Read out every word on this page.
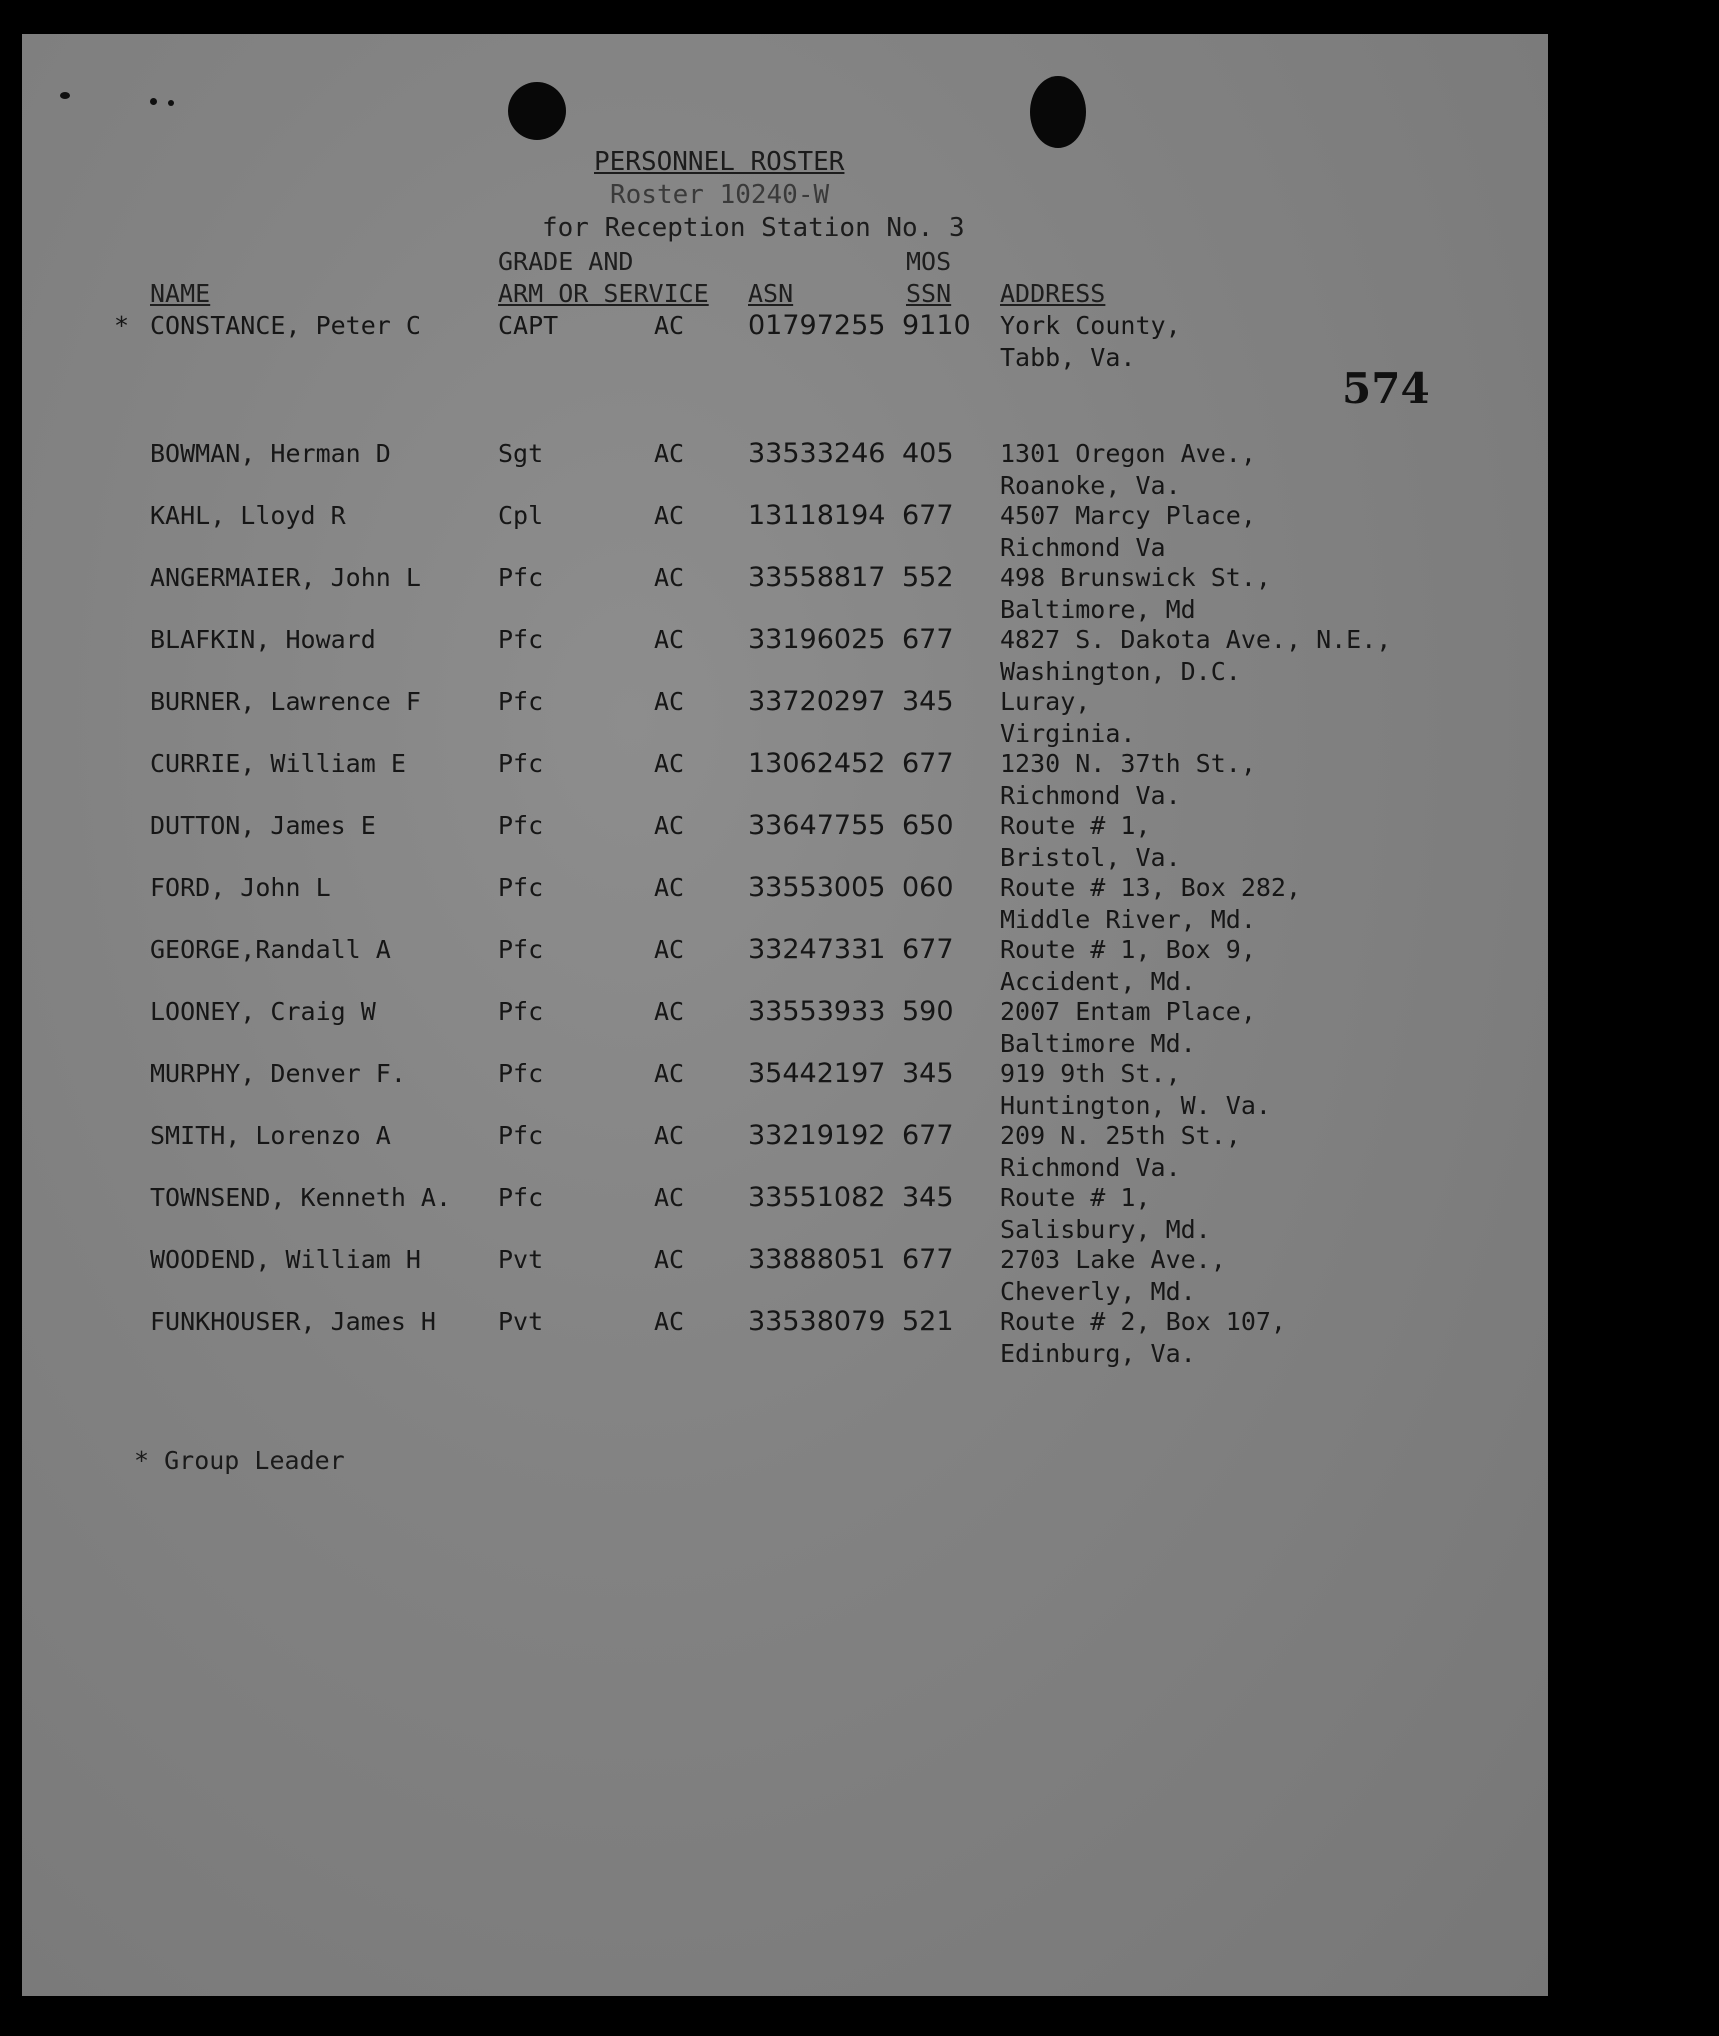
PERSONNEL ROSTER
Roster 10240-W
for Reception Station No. 3
574
NAME
GRADE AND
ARM OR SERVICE ASN
MOS
SSN ADDRESS
* CONSTANCE, Peter C	CAPT	AC 01797255 9110 York County,
Tabb, Va.
BOWMAN, Herman D	Sgt	AC 33533246 405 1301 Oregon Ave.,
Roanoke, Va.
KAHL, Lloyd R	Cpl	AC 13118194 677 4507 Marcy Place,
Richmond Va
ANGERMAIER, John L	Pfc	AC 33558817 552 498 Brunswick St.,
Baltimore, Md
BLAFKIN, Howard	Pfc	AC 33196025 677 4827 S. Dakota Ave., N.E.,
Washington, D.C.
BURNER, Lawrence F	Pfc	AC 33720297 345 Luray,
Virginia.
CURRIE, William E	Pfc	AC 13062452 677 1230 N. 37th St.,
Richmond Va.
DUTTON, James E	Pfc	AC 33647755 650 Route # 1,
Bristol, Va.
FORD, John L	Pfc	AC 33553005 060 Route # 13, Box 282,
Middle River, Md.
GEORGE,Randall A	Pfc	AC 33247331 677 Route # 1, Box 9,
Accident, Md.
LOONEY, Craig W	Pfc	AC 33553933 590 2007 Entam Place,
Baltimore Md.
MURPHY, Denver F.	Pfc	AC 35442197 345 919 9th St.,
Huntington, W. Va.
SMITH, Lorenzo A	Pfc	AC 33219192 677 209 N. 25th St.,
Richmond Va.
TOWNSEND, Kenneth A. Pfc	AC 33551082 345 Route # 1,
Salisbury, Md.
WOODEND, William H	Pvt	AC 33888051 677 2703 Lake Ave.,
Cheverly, Md.
FUNKHOUSER, James H Pvt	AC 33538079 521 Route # 2, Box 107,
Edinburg, Va.
* Group Leader
